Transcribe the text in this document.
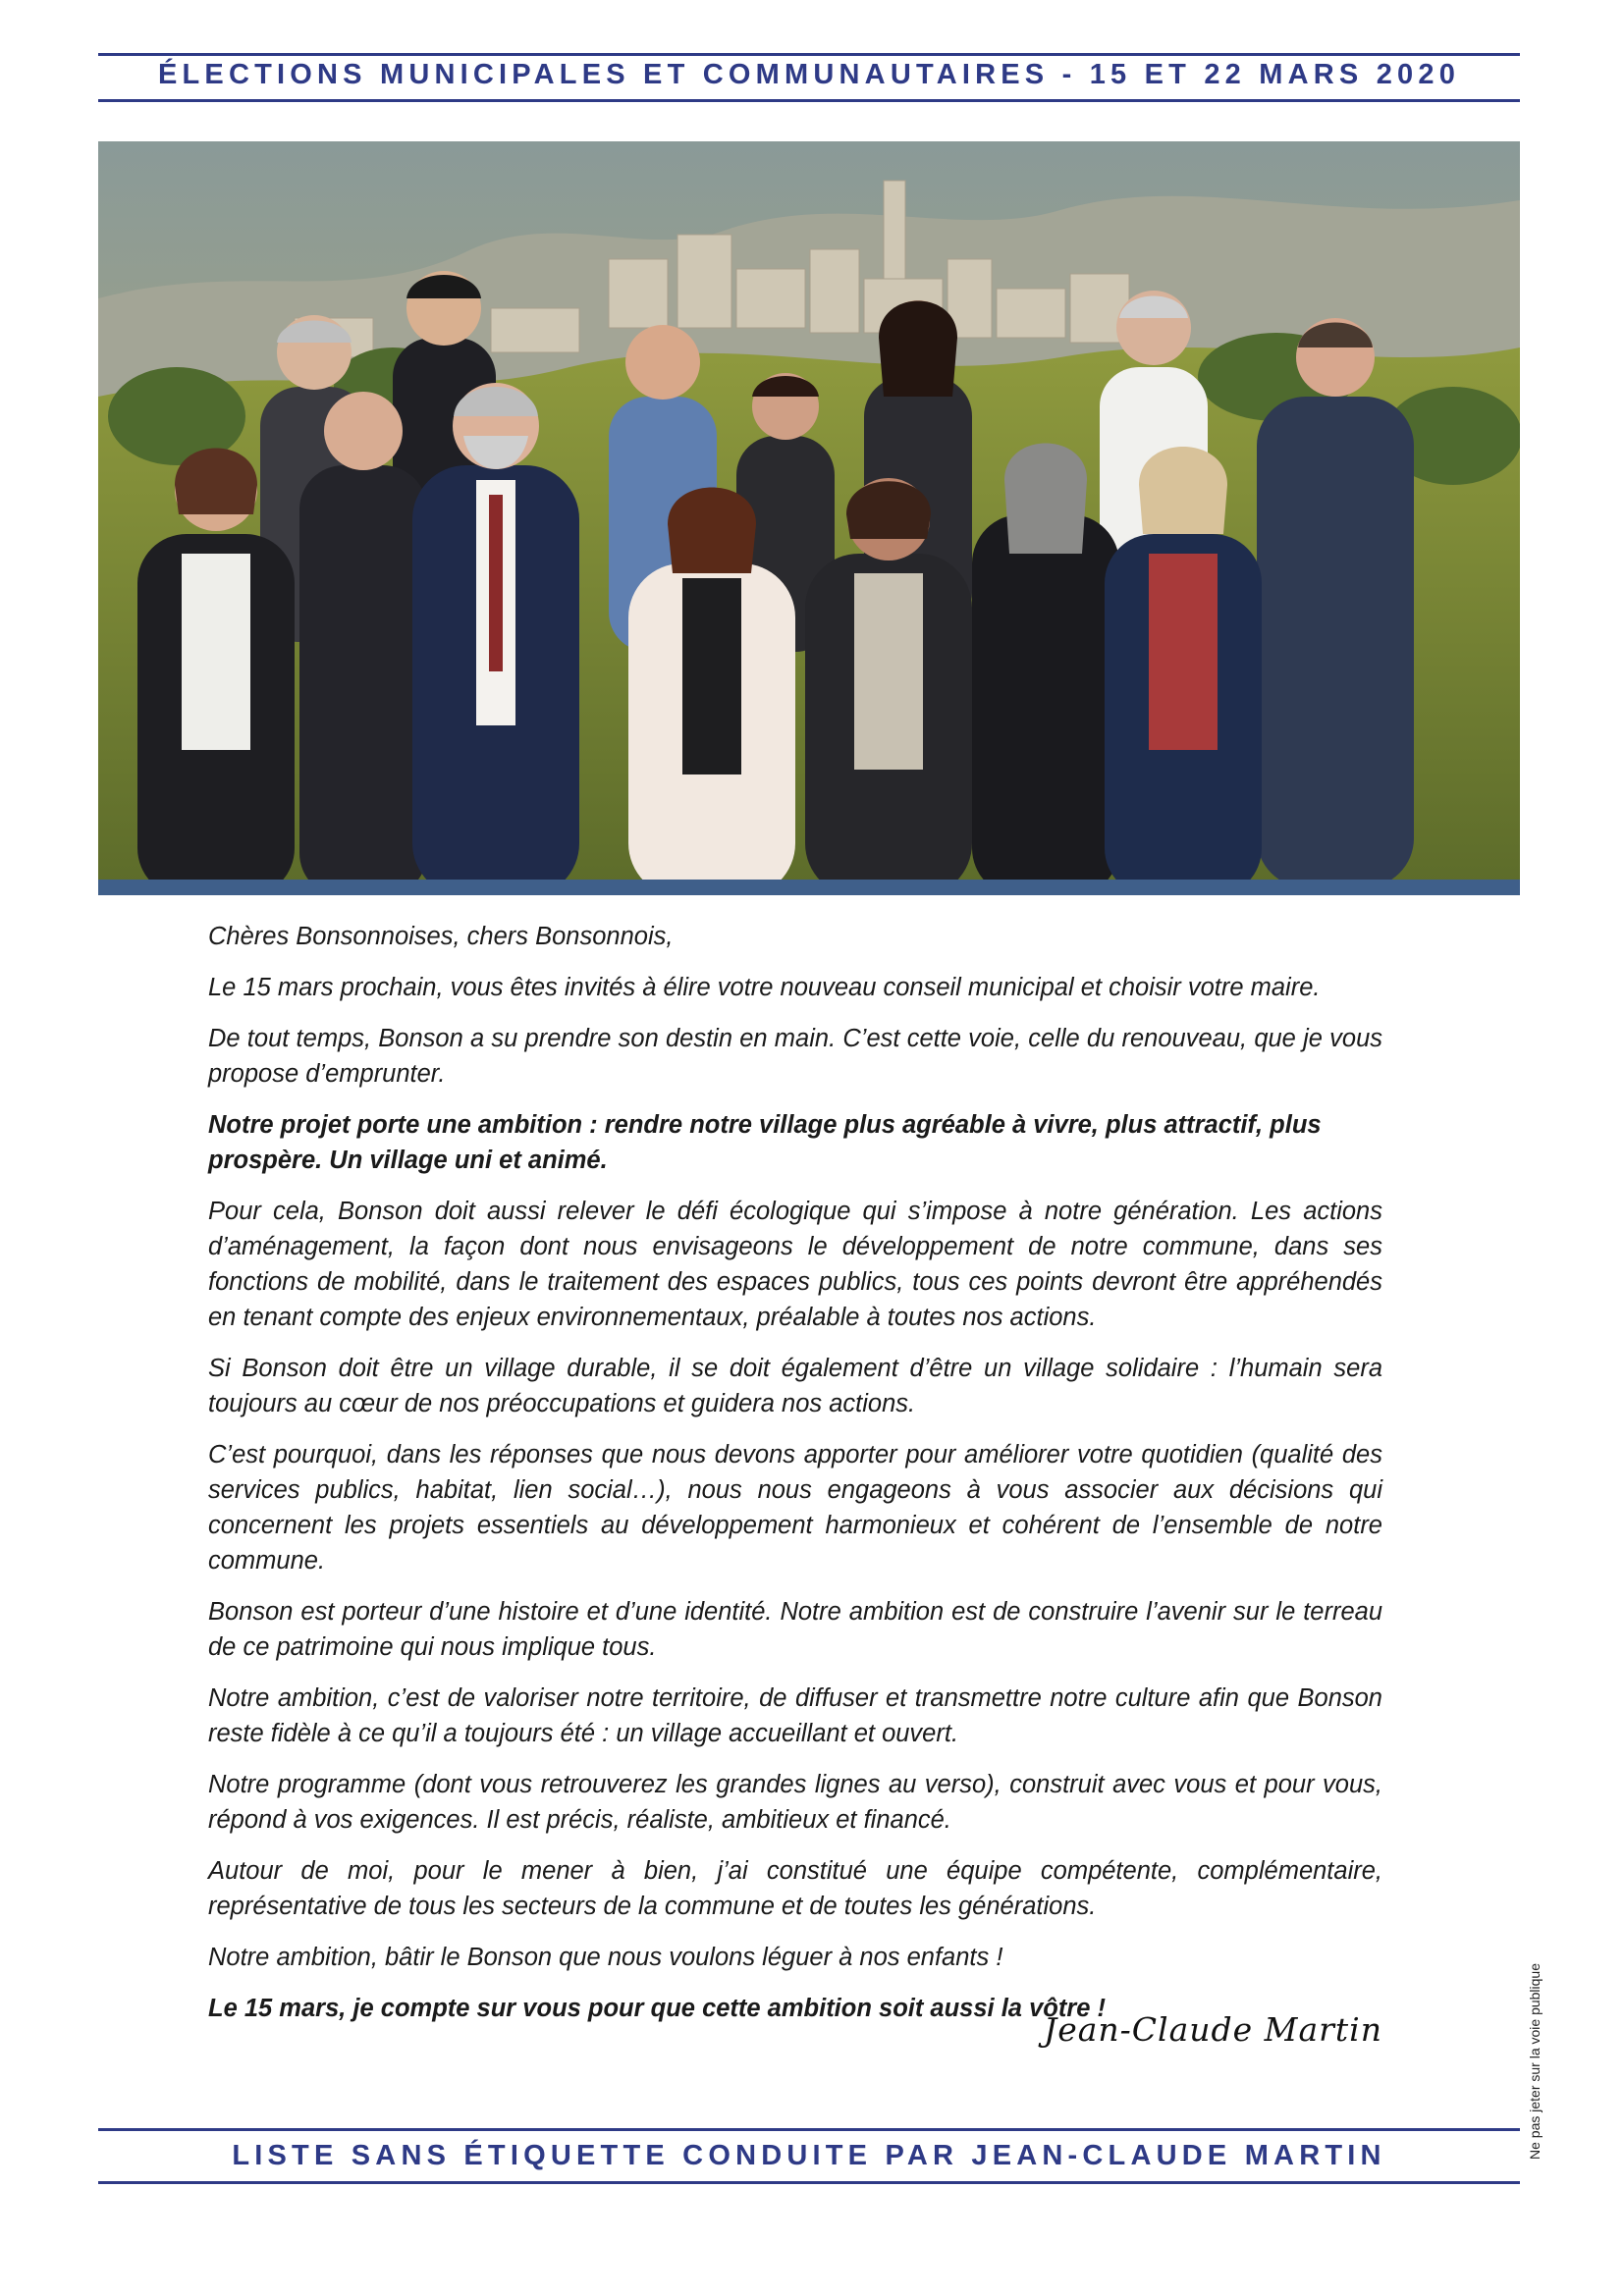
ÉLECTIONS MUNICIPALES ET COMMUNAUTAIRES - 15 ET 22 MARS 2020

Chères Bonsonnoises, chers Bonsonnois,

Le 15 mars prochain, vous êtes invités à élire votre nouveau conseil municipal et choisir votre maire.

De tout temps, Bonson a su prendre son destin en main. C’est cette voie, celle du renouveau, que je vous propose d’emprunter.

Notre projet porte une ambition : rendre notre village plus agréable à vivre, plus attractif, plus prospère. Un village uni et animé.

Pour cela, Bonson doit aussi relever le défi écologique qui s’impose à notre génération. Les actions d’aménagement, la façon dont nous envisageons le développement de notre commune, dans ses fonctions de mobilité, dans le traitement des espaces publics, tous ces points devront être appréhendés en tenant compte des enjeux environnementaux, préalable à toutes nos actions.

Si Bonson doit être un village durable, il se doit également d’être un village solidaire : l’humain sera toujours au cœur de nos préoccupations et guidera nos actions.

C’est pourquoi, dans les réponses que nous devons apporter pour améliorer votre quotidien (qualité des services publics, habitat, lien social…), nous nous engageons à vous associer aux décisions qui concernent les projets essentiels au développement harmonieux et cohérent de l’ensemble de notre commune.

Bonson est porteur d’une histoire et d’une identité. Notre ambition est de construire l’avenir sur le terreau de ce patrimoine qui nous implique tous.

Notre ambition, c’est de valoriser notre territoire, de diffuser et transmettre notre culture afin que Bonson reste fidèle à ce qu’il a toujours été : un village accueillant et ouvert.

Notre programme (dont vous retrouverez les grandes lignes au verso), construit avec vous et pour vous, répond à vos exigences. Il est précis, réaliste, ambitieux et financé.

Autour de moi, pour le mener à bien, j’ai constitué une équipe compétente, complémentaire, représentative de tous les secteurs de la commune et de toutes les générations.

Notre ambition, bâtir le Bonson que nous voulons léguer à nos enfants !

Le 15 mars, je compte sur vous pour que cette ambition soit aussi la vôtre !

Jean-Claude Martin
LISTE SANS ÉTIQUETTE CONDUITE PAR JEAN-CLAUDE MARTIN	Ne pas jeter sur la voie publique
